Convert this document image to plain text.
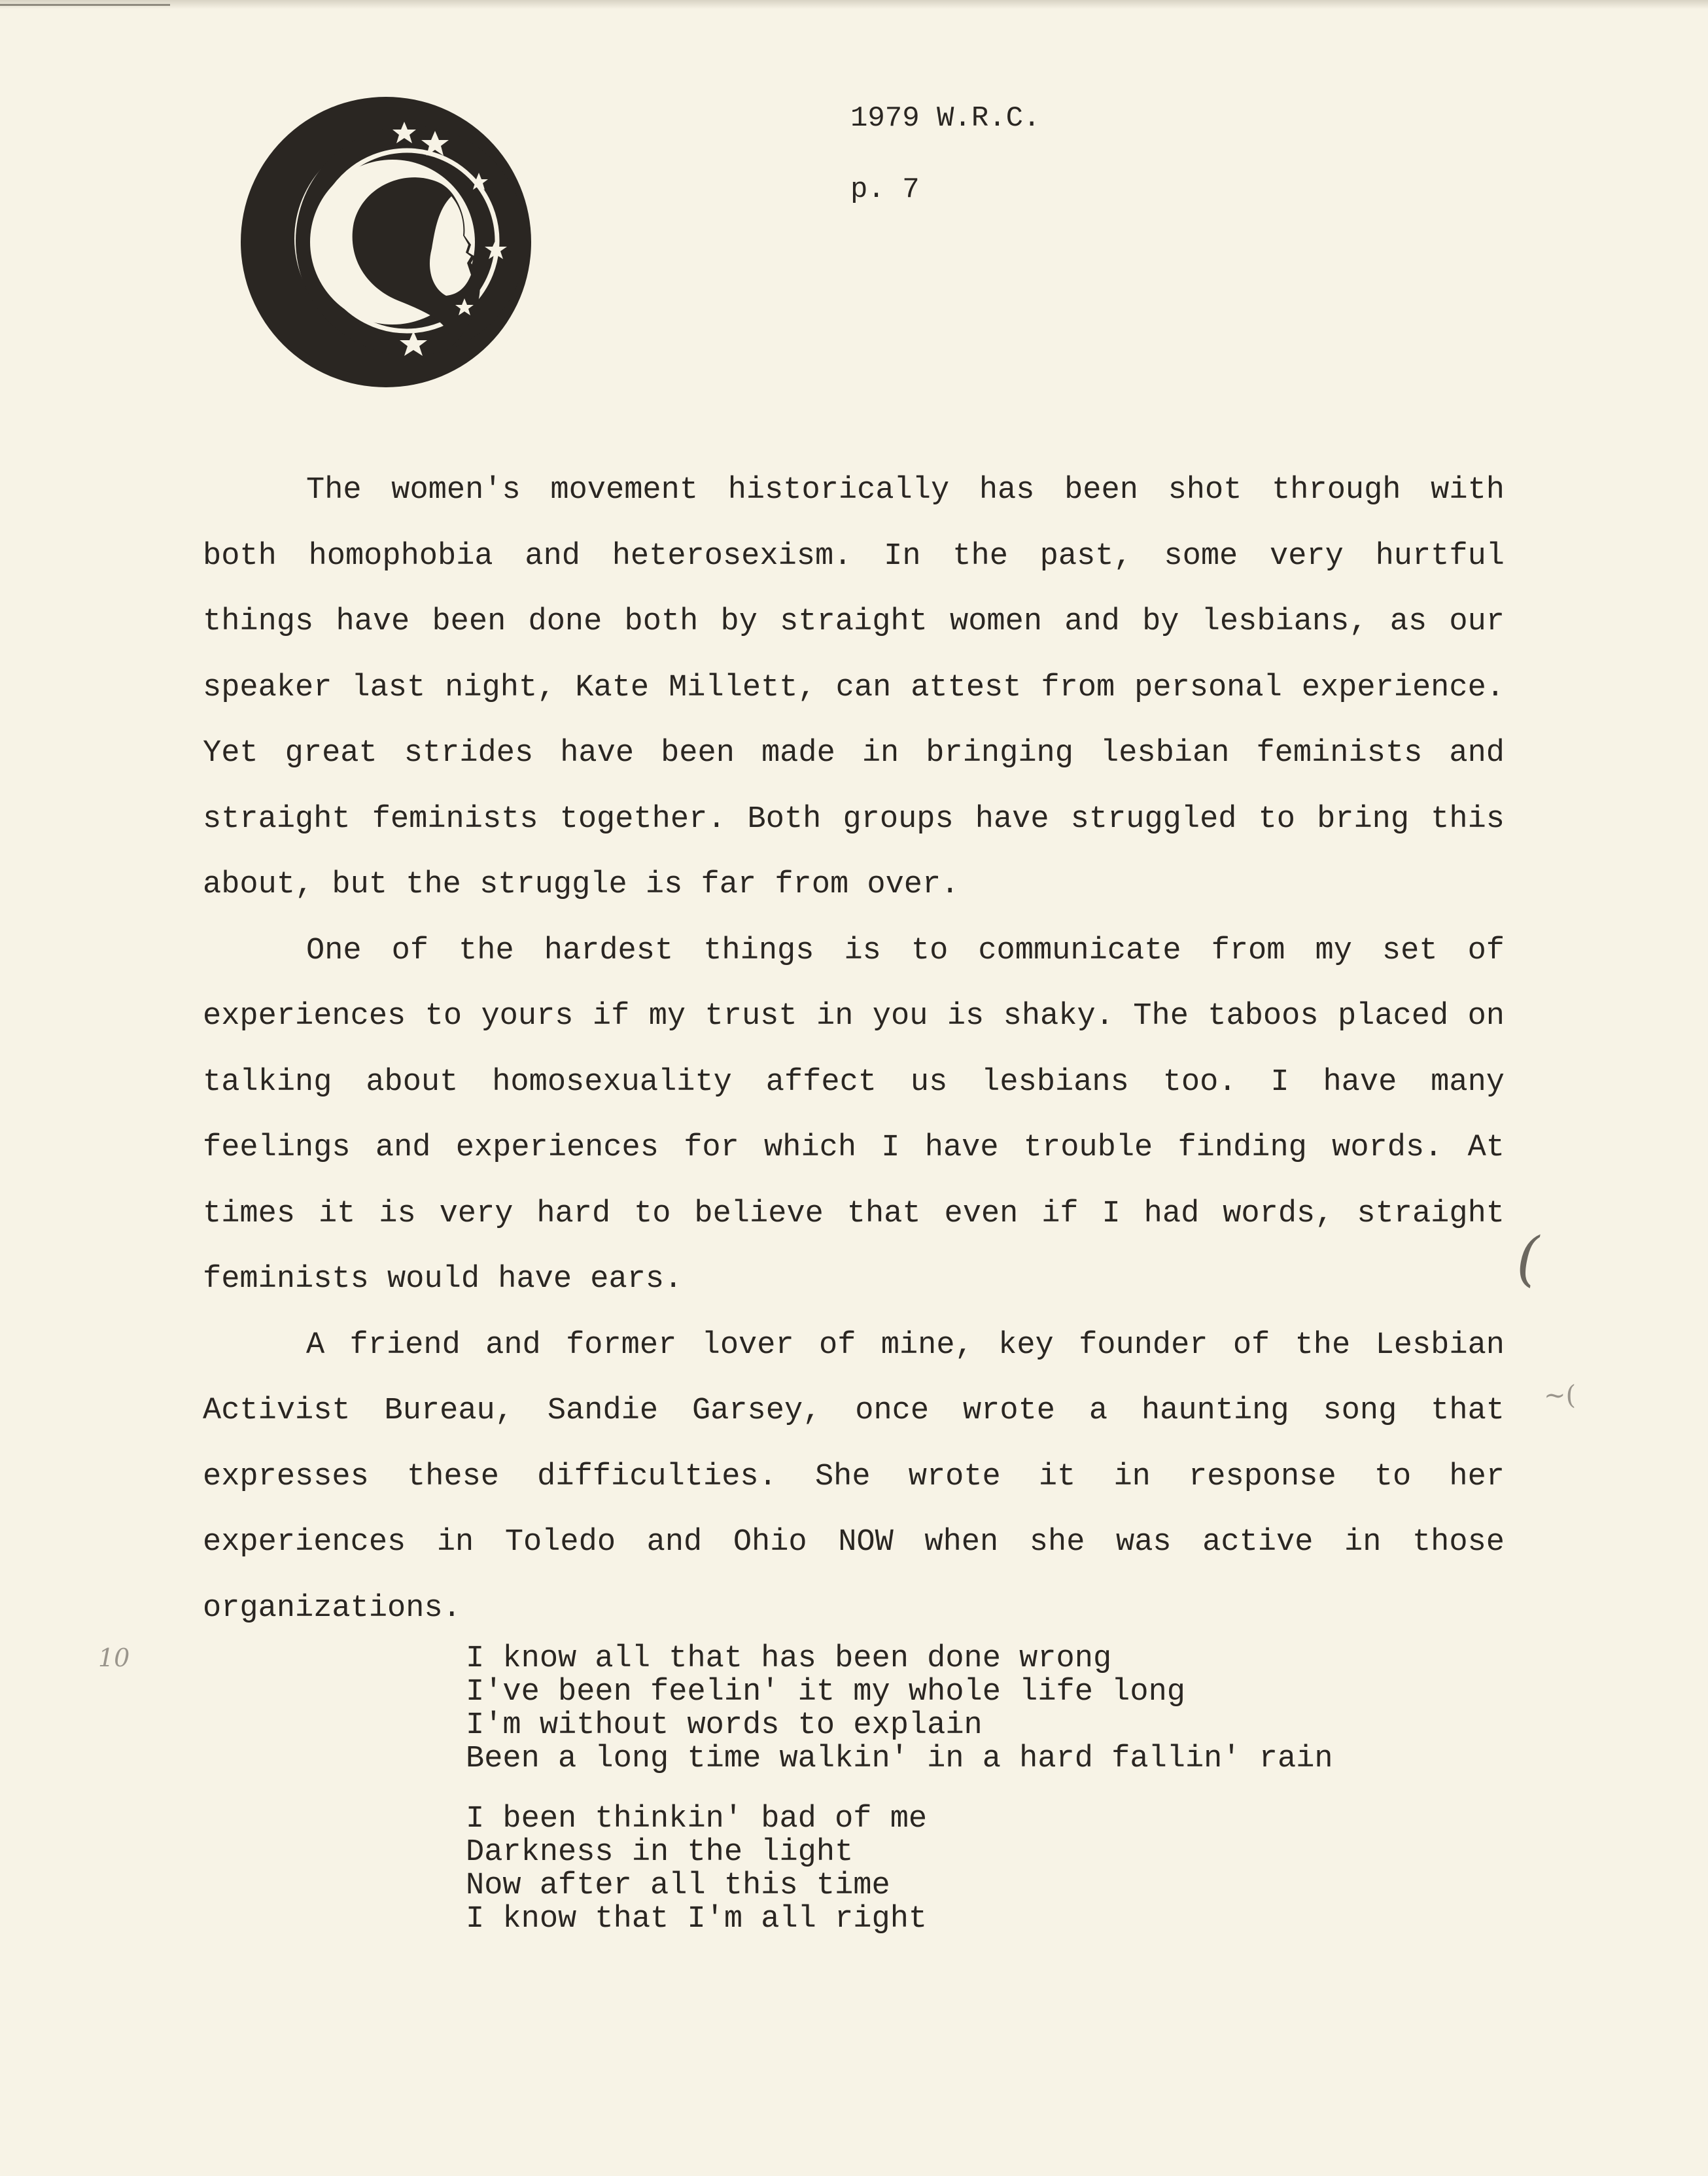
1979 W.R.C.
p. 7

The women's movement historically has been shot through with both homophobia and heterosexism. In the past, some very hurtful things have been done both by straight women and by lesbians, as our speaker last night, Kate Millett, can attest from personal experience. Yet great strides have been made in bringing lesbian feminists and straight feminists together. Both groups have struggled to bring this about, but the struggle is far from over.

One of the hardest things is to communicate from my set of experiences to yours if my trust in you is shaky. The taboos placed on talking about homosexuality affect us lesbians too. I have many feelings and experiences for which I have trouble finding words. At times it is very hard to believe that even if I had words, straight feminists would have ears.

A friend and former lover of mine, key founder of the Lesbian Activist Bureau, Sandie Garsey, once wrote a haunting song that expresses these difficulties. She wrote it in response to her experiences in Toledo and Ohio NOW when she was active in those organizations.

I know all that has been done wrong
I've been feelin' it my whole life long
I'm without words to explain
Been a long time walkin' in a hard fallin' rain
I been thinkin' bad of me
Darkness in the light
Now after all this time
I know that I'm all right
(
~(
10
